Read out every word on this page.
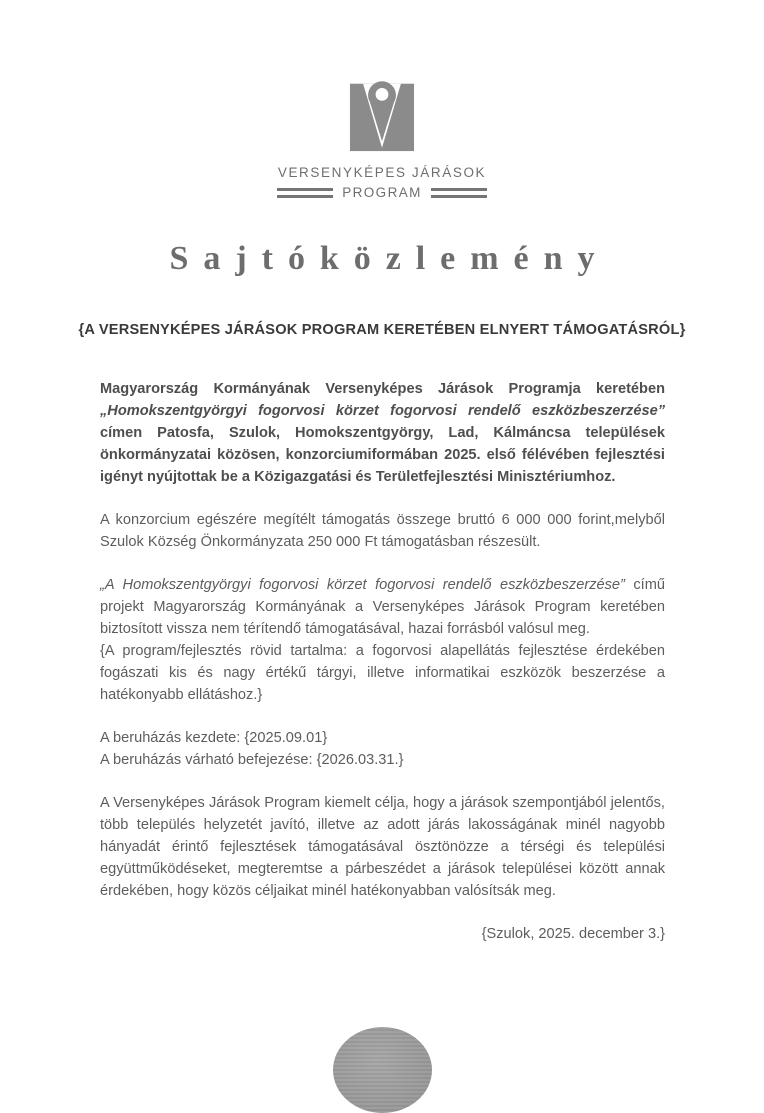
VERSENYKÉPES JÁRÁSOK
PROGRAM
Sajtóközlemény
{A VERSENYKÉPES JÁRÁSOK PROGRAM KERETÉBEN ELNYERT TÁMOGATÁSRÓL}

Magyarország Kormányának Versenyképes Járások Programja keretében „Homokszentgyörgyi fogorvosi körzet fogorvosi rendelő eszközbeszerzése” címen Patosfa, Szulok, Homokszentgyörgy, Lad, Kálmáncsa települések önkormányzatai közösen, konzorciumiformában 2025. első félévében fejlesztési igényt nyújtottak be a Közigazgatási és Területfejlesztési Minisztériumhoz.

A konzorcium egészére megítélt támogatás összege bruttó 6 000 000 forint,melyből Szulok Község Önkormányzata 250 000 Ft támogatásban részesült.

„A Homokszentgyörgyi fogorvosi körzet fogorvosi rendelő eszközbeszerzése” című projekt Magyarország Kormányának a Versenyképes Járások Program keretében biztosított vissza nem térítendő támogatásával, hazai forrásból valósul meg.

{A program/fejlesztés rövid tartalma: a fogorvosi alapellátás fejlesztése érdekében fogászati kis és nagy értékű tárgyi, illetve informatikai eszközök beszerzése a hatékonyabb ellátáshoz.}

A beruházás kezdete: {2025.09.01}

A beruházás várható befejezése: {2026.03.31.}

A Versenyképes Járások Program kiemelt célja, hogy a járások szempontjából jelentős, több település helyzetét javító, illetve az adott járás lakosságának minél nagyobb hányadát érintő fejlesztések támogatásával ösztönözze a térségi és települési együttműködéseket, megteremtse a párbeszédet a járások települései között annak érdekében, hogy közös céljaikat minél hatékonyabban valósítsák meg.

{Szulok, 2025. december 3.}
